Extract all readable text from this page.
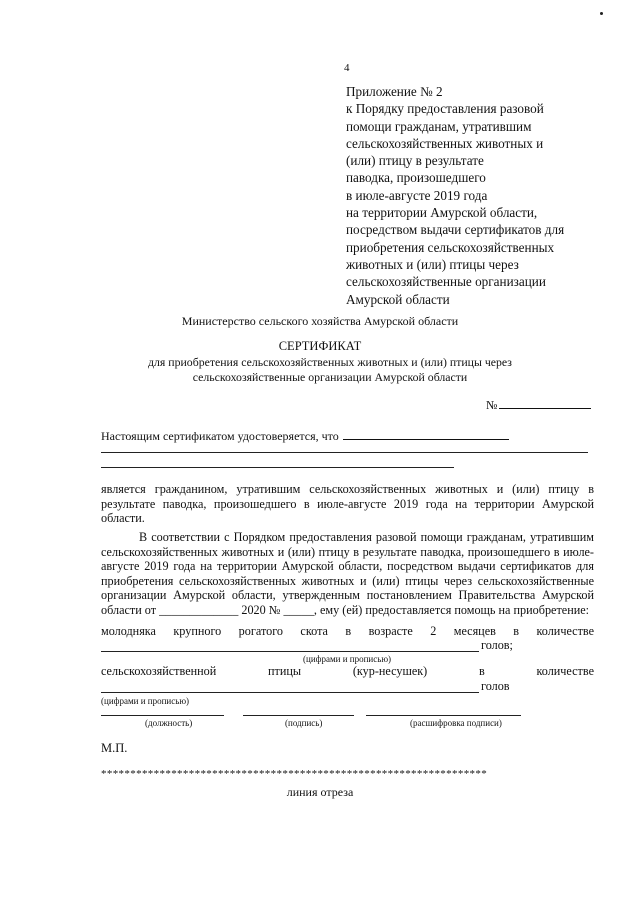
4
Приложение № 2
к Порядку предоставления разовой
помощи гражданам, утратившим
сельскохозяйственных животных и
(или) птицу в результате
паводка, произошедшего
в июле-августе 2019 года
на территории Амурской области,
посредством выдачи сертификатов для
приобретения сельскохозяйственных
животных и (или) птицы через
сельскохозяйственные организации
Амурской области
Министерство сельского хозяйства Амурской области
СЕРТИФИКАТ
для приобретения сельскохозяйственных животных и (или) птицы через
сельскохозяйственные организации Амурской области
№
Настоящим сертификатом удостоверяется, что
является гражданином, утратившим сельскохозяйственных животных и (или) птицу в результате паводка, произошедшего в июле-августе 2019 года на территории Амурской области.
В соответствии с Порядком предоставления разовой помощи гражданам, утратившим сельскохозяйственных животных и (или) птицу в результате паводка, произошедшего в июле-августе 2019 года на территории Амурской области, посредством выдачи сертификатов для приобретения сельскохозяйственных животных и (или) птицы через сельскохозяйственные организации Амурской области, утвержденным постановлением Правительства Амурской области от _____________ 2020 № _____, ему (ей) предоставляется помощь на приобретение:
молодняка крупного рогатого скота в возрасте 2 месяцев в количестве
голов;
(цифрами и прописью)
сельскохозяйственной	птицы	(кур-несушек)	в	количестве
голов
(цифрами и прописью)
(должность)	(подпись)	(расшифровка подписи)
М.П.
******************************************************************
линия отреза
